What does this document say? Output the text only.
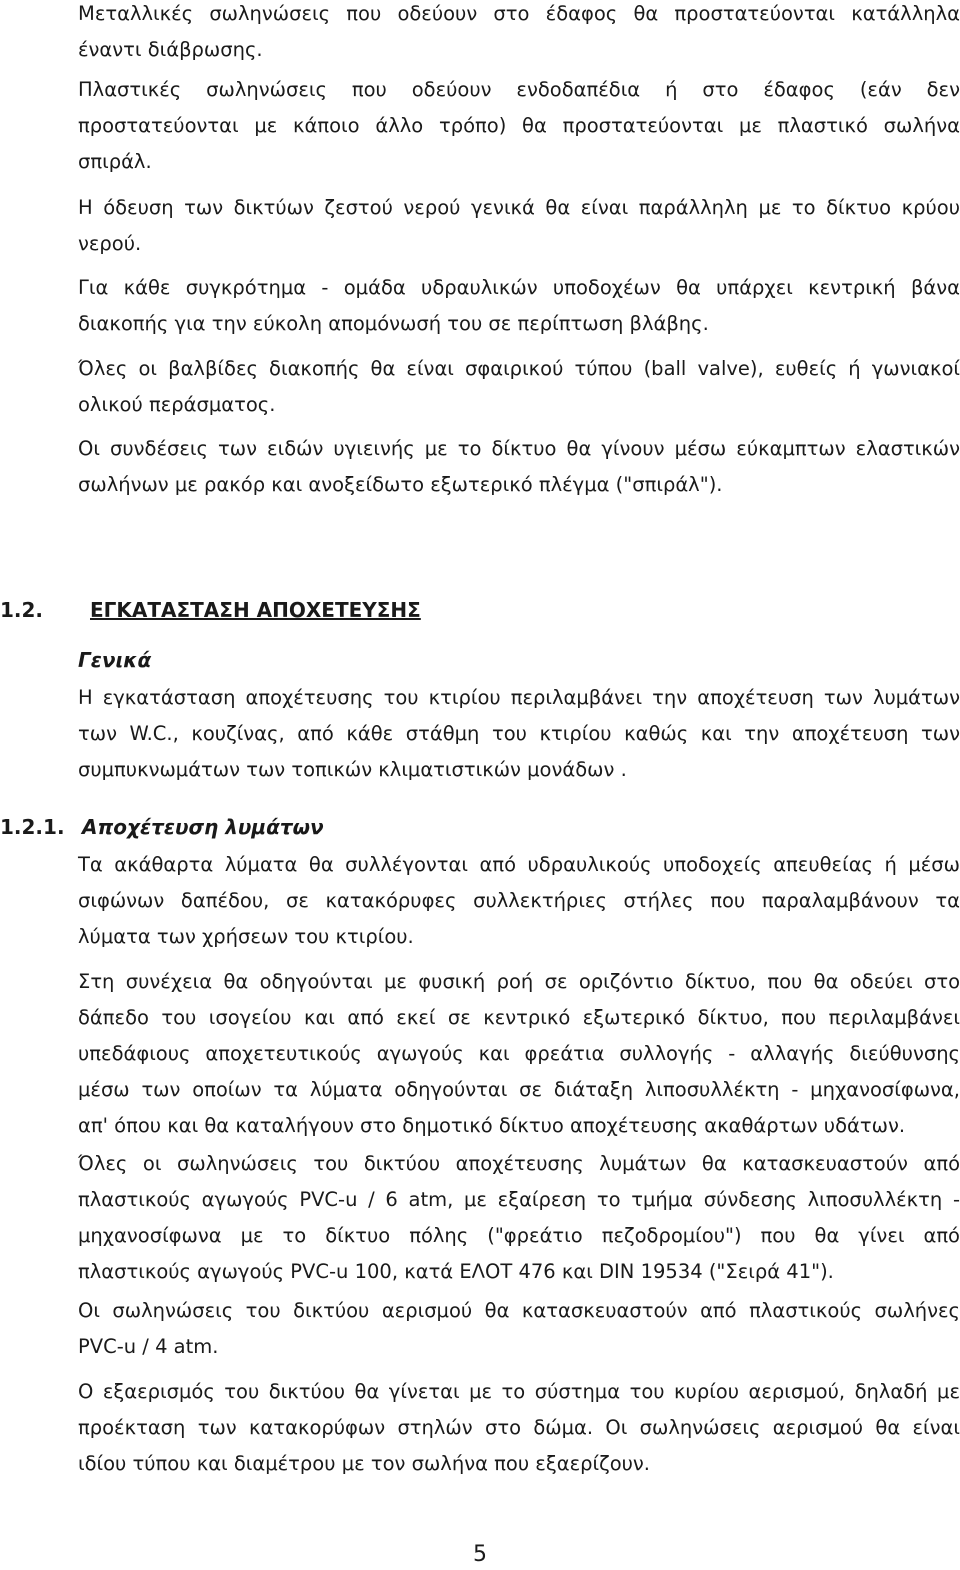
Μεταλλικές σωληνώσεις που οδεύουν στο έδαφος θα προστατεύονται κατάλληλα
έναντι διάβρωσης.
Πλαστικές σωληνώσεις που οδεύουν ενδοδαπέδια ή στο έδαφος (εάν δεν
προστατεύονται με κάποιο άλλο τρόπο) θα προστατεύονται με πλαστικό σωλήνα
σπιράλ.
Η όδευση των δικτύων ζεστού νερού γενικά θα είναι παράλληλη με το δίκτυο κρύου
νερού.
Για κάθε συγκρότημα - ομάδα υδραυλικών υποδοχέων θα υπάρχει κεντρική βάνα
διακοπής για την εύκολη απομόνωσή του σε περίπτωση βλάβης.
Όλες οι βαλβίδες διακοπής θα είναι σφαιρικού τύπου (ball valve), ευθείς ή γωνιακοί
ολικού περάσματος.
Οι συνδέσεις των ειδών υγιεινής με το δίκτυο θα γίνουν μέσω εύκαμπτων ελαστικών
σωλήνων με ρακόρ και ανοξείδωτο εξωτερικό πλέγμα ("σπιράλ").
1.2. ΕΓΚΑΤΑΣΤΑΣΗ ΑΠΟΧΕΤΕΥΣΗΣ
Γενικά
Η εγκατάσταση αποχέτευσης του κτιρίου περιλαμβάνει την αποχέτευση των λυμάτων
των W.C., κουζίνας, από κάθε στάθμη του κτιρίου καθώς και την αποχέτευση των
συμπυκνωμάτων των τοπικών κλιματιστικών μονάδων .
1.2.1. Αποχέτευση λυμάτων
Τα ακάθαρτα λύματα θα συλλέγονται από υδραυλικούς υποδοχείς απευθείας ή μέσω
σιφώνων δαπέδου, σε κατακόρυφες συλλεκτήριες στήλες που παραλαμβάνουν τα
λύματα των χρήσεων του κτιρίου.
Στη συνέχεια θα οδηγούνται με φυσική ροή σε οριζόντιο δίκτυο, που θα οδεύει στο
δάπεδο του ισογείου και από εκεί σε κεντρικό εξωτερικό δίκτυο, που περιλαμβάνει
υπεδάφιους αποχετευτικούς αγωγούς και φρεάτια συλλογής - αλλαγής διεύθυνσης
μέσω των οποίων τα λύματα οδηγούνται σε διάταξη λιποσυλλέκτη - μηχανοσίφωνα,
απ' όπου και θα καταλήγουν στο δημοτικό δίκτυο αποχέτευσης ακαθάρτων υδάτων.
Όλες οι σωληνώσεις του δικτύου αποχέτευσης λυμάτων θα κατασκευαστούν από
πλαστικούς αγωγούς PVC-u / 6 atm, με εξαίρεση το τμήμα σύνδεσης λιποσυλλέκτη -
μηχανοσίφωνα με το δίκτυο πόλης ("φρεάτιο πεζοδρομίου") που θα γίνει από
πλαστικούς αγωγούς PVC-u 100, κατά ΕΛΟΤ 476 και DIN 19534 ("Σειρά 41").
Οι σωληνώσεις του δικτύου αερισμού θα κατασκευαστούν από πλαστικούς σωλήνες
PVC-u / 4 atm.
Ο εξαερισμός του δικτύου θα γίνεται με το σύστημα του κυρίου αερισμού, δηλαδή με
προέκταση των κατακορύφων στηλών στο δώμα. Οι σωληνώσεις αερισμού θα είναι
ιδίου τύπου και διαμέτρου με τον σωλήνα που εξαερίζουν.
5
